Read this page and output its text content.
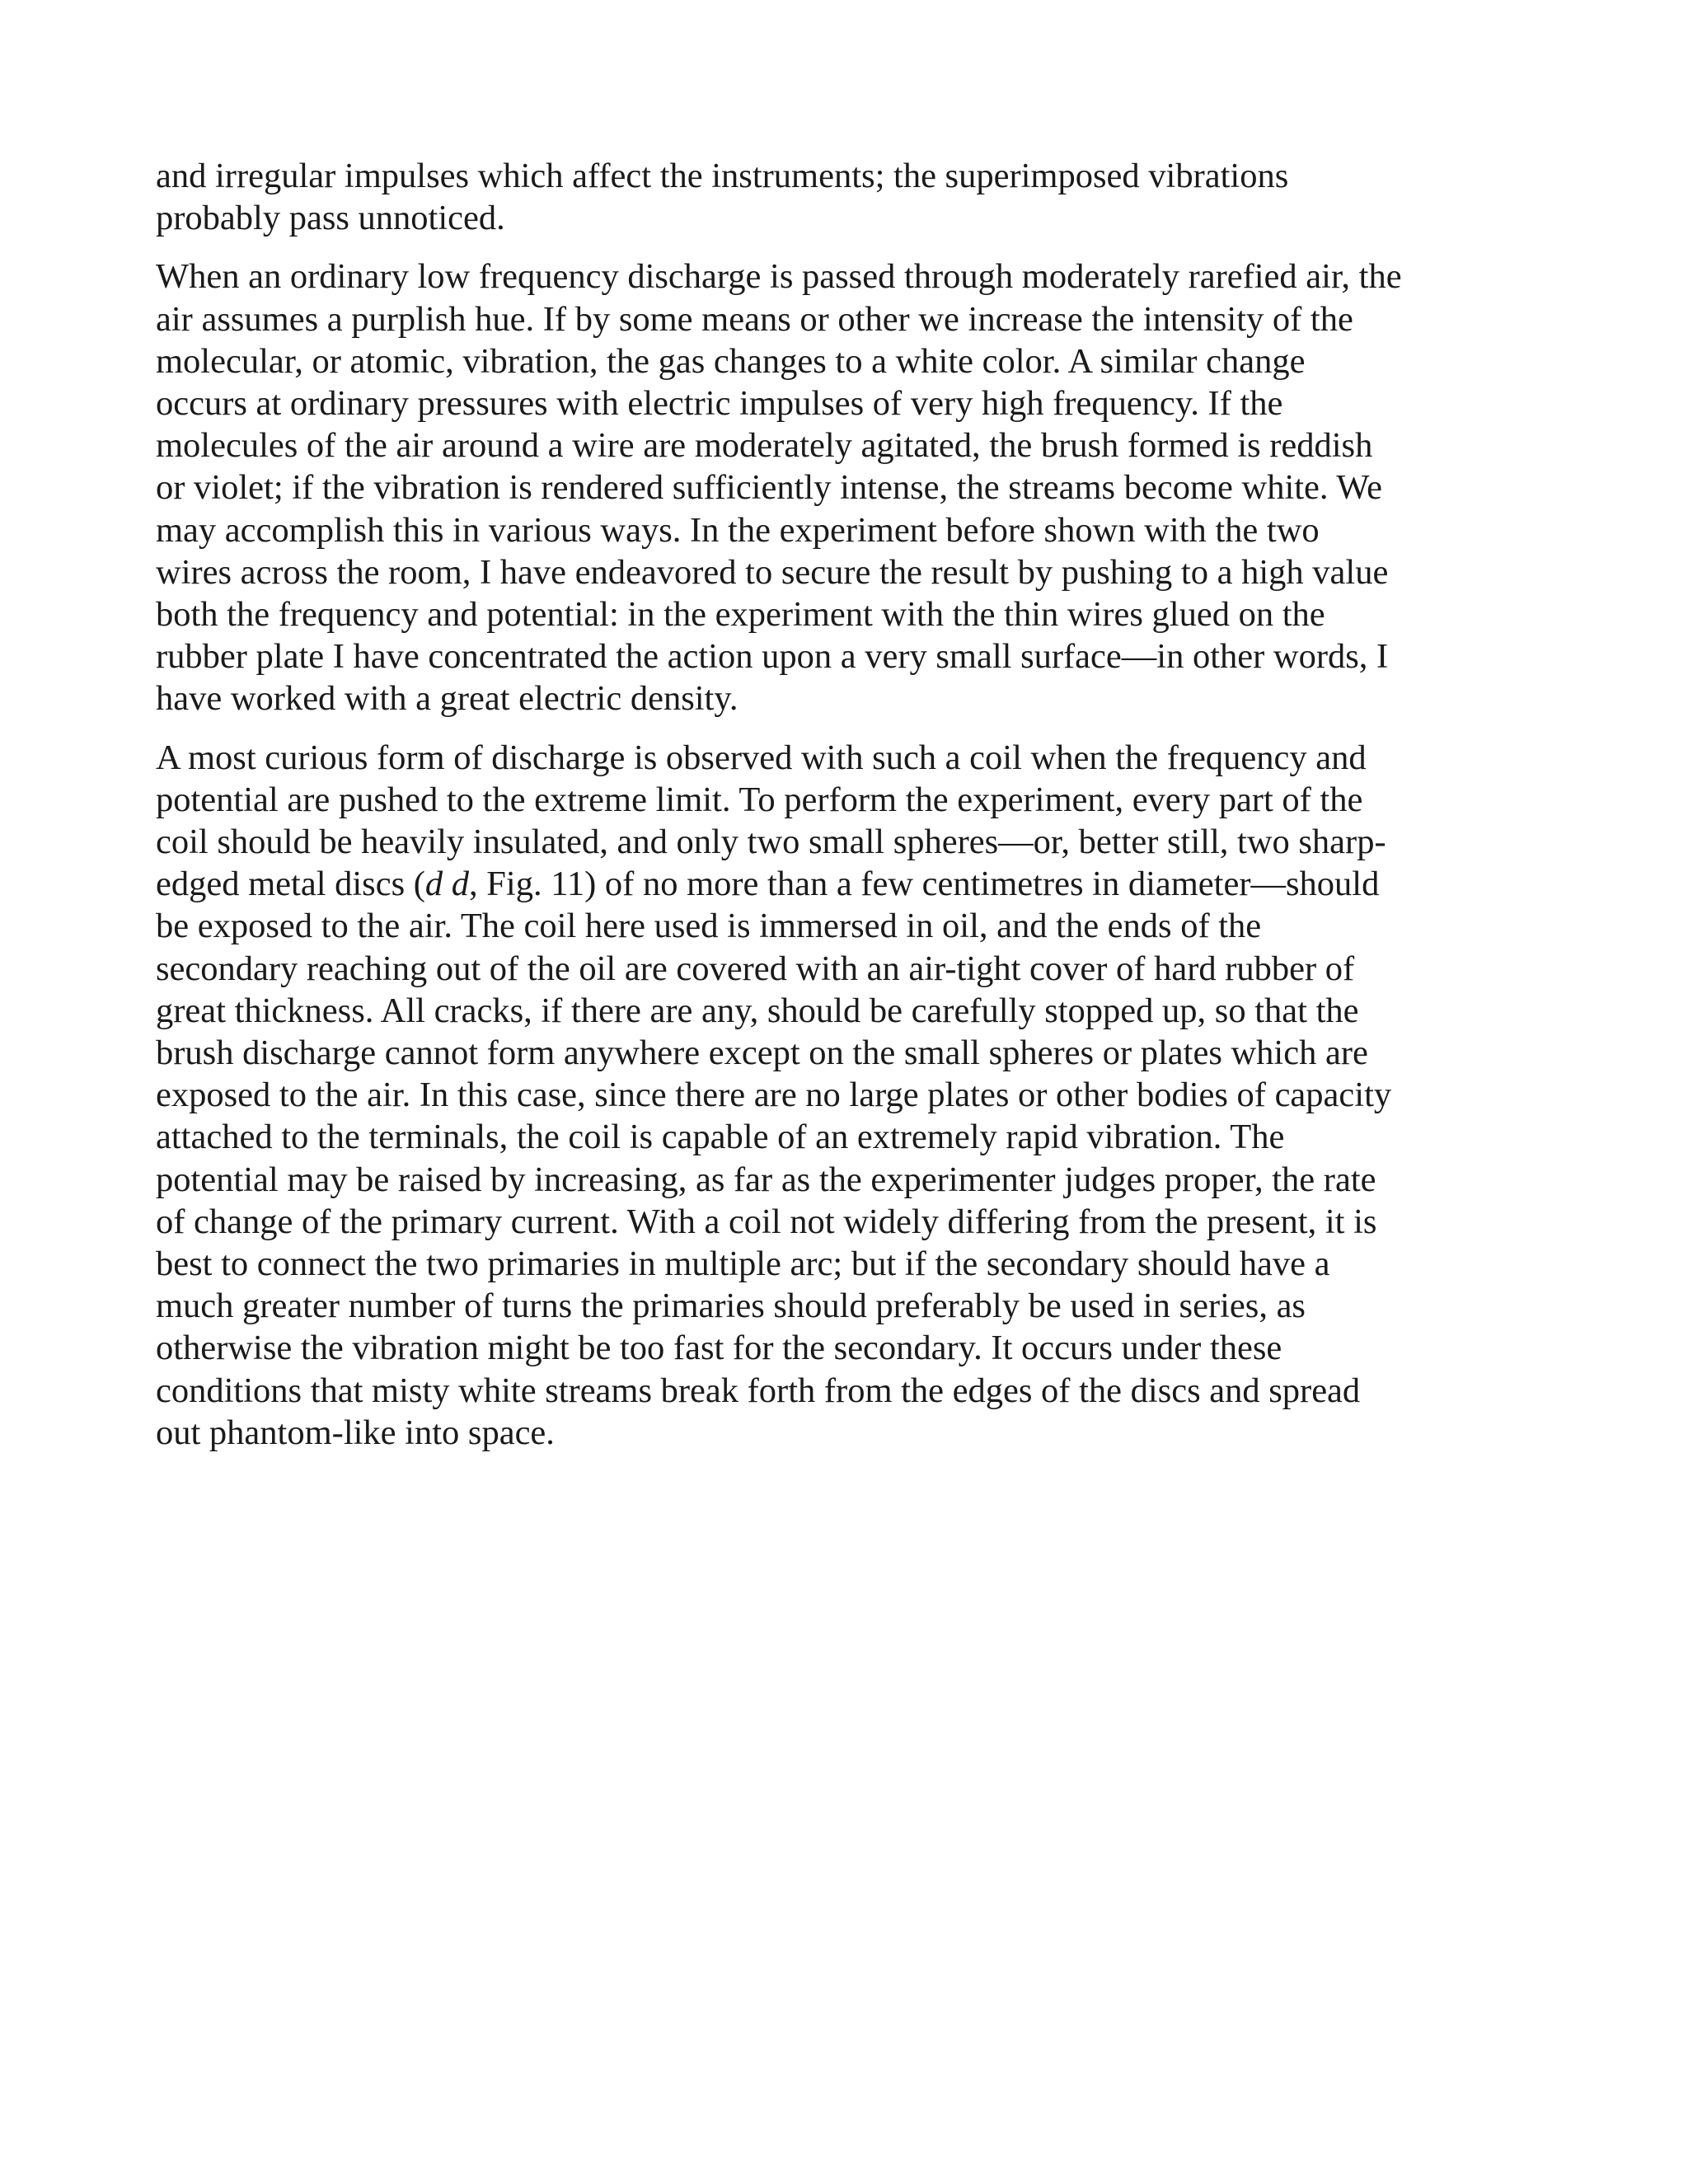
and irregular impulses which affect the instruments; the superimposed vibrations
probably pass unnoticed.

When an ordinary low frequency discharge is passed through moderately rarefied air, the
air assumes a purplish hue. If by some means or other we increase the intensity of the
molecular, or atomic, vibration, the gas changes to a white color. A similar change
occurs at ordinary pressures with electric impulses of very high frequency. If the
molecules of the air around a wire are moderately agitated, the brush formed is reddish
or violet; if the vibration is rendered sufficiently intense, the streams become white. We
may accomplish this in various ways. In the experiment before shown with the two
wires across the room, I have endeavored to secure the result by pushing to a high value
both the frequency and potential: in the experiment with the thin wires glued on the
rubber plate I have concentrated the action upon a very small surface—in other words, I
have worked with a great electric density.

A most curious form of discharge is observed with such a coil when the frequency and
potential are pushed to the extreme limit. To perform the experiment, every part of the
coil should be heavily insulated, and only two small spheres—or, better still, two sharp-
edged metal discs (d d, Fig. 11) of no more than a few centimetres in diameter—should
be exposed to the air. The coil here used is immersed in oil, and the ends of the
secondary reaching out of the oil are covered with an air-tight cover of hard rubber of
great thickness. All cracks, if there are any, should be carefully stopped up, so that the
brush discharge cannot form anywhere except on the small spheres or plates which are
exposed to the air. In this case, since there are no large plates or other bodies of capacity
attached to the terminals, the coil is capable of an extremely rapid vibration. The
potential may be raised by increasing, as far as the experimenter judges proper, the rate
of change of the primary current. With a coil not widely differing from the present, it is
best to connect the two primaries in multiple arc; but if the secondary should have a
much greater number of turns the primaries should preferably be used in series, as
otherwise the vibration might be too fast for the secondary. It occurs under these
conditions that misty white streams break forth from the edges of the discs and spread
out phantom-like into space.
